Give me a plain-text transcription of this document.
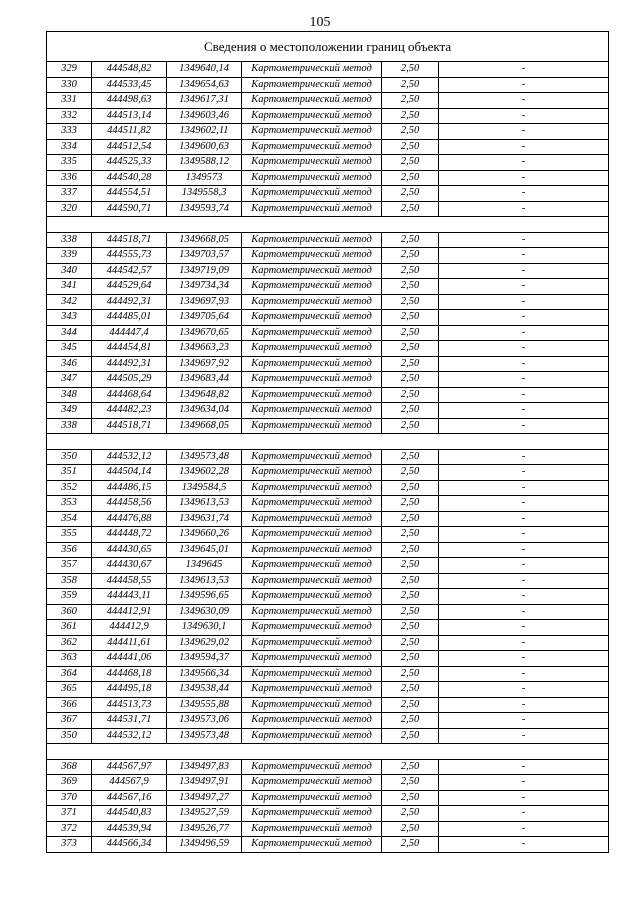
105
Сведения о местоположении границ объекта					
329	444548,82	1349640,14	Картометрический метод	2,50	-
330	444533,45	1349654,63	Картометрический метод	2,50	-
331	444498,63	1349617,31	Картометрический метод	2,50	-
332	444513,14	1349603,46	Картометрический метод	2,50	-
333	444511,82	1349602,11	Картометрический метод	2,50	-
334	444512,54	1349600,63	Картометрический метод	2,50	-
335	444525,33	1349588,12	Картометрический метод	2,50	-
336	444540,28	1349573	Картометрический метод	2,50	-
337	444554,51	1349558,3	Картометрический метод	2,50	-
320	444590,71	1349593,74	Картометрический метод	2,50	-

338	444518,71	1349668,05	Картометрический метод	2,50	-
339	444555,73	1349703,57	Картометрический метод	2,50	-
340	444542,57	1349719,09	Картометрический метод	2,50	-
341	444529,64	1349734,34	Картометрический метод	2,50	-
342	444492,31	1349697,93	Картометрический метод	2,50	-
343	444485,01	1349705,64	Картометрический метод	2,50	-
344	444447,4	1349670,65	Картометрический метод	2,50	-
345	444454,81	1349663,23	Картометрический метод	2,50	-
346	444492,31	1349697,92	Картометрический метод	2,50	-
347	444505,29	1349683,44	Картометрический метод	2,50	-
348	444468,64	1349648,82	Картометрический метод	2,50	-
349	444482,23	1349634,04	Картометрический метод	2,50	-
338	444518,71	1349668,05	Картометрический метод	2,50	-

350	444532,12	1349573,48	Картометрический метод	2,50	-
351	444504,14	1349602,28	Картометрический метод	2,50	-
352	444486,15	1349584,5	Картометрический метод	2,50	-
353	444458,56	1349613,53	Картометрический метод	2,50	-
354	444476,88	1349631,74	Картометрический метод	2,50	-
355	444448,72	1349660,26	Картометрический метод	2,50	-
356	444430,65	1349645,01	Картометрический метод	2,50	-
357	444430,67	1349645	Картометрический метод	2,50	-
358	444458,55	1349613,53	Картометрический метод	2,50	-
359	444443,11	1349596,65	Картометрический метод	2,50	-
360	444412,91	1349630,09	Картометрический метод	2,50	-
361	444412,9	1349630,1	Картометрический метод	2,50	-
362	444411,61	1349629,02	Картометрический метод	2,50	-
363	444441,06	1349594,37	Картометрический метод	2,50	-
364	444468,18	1349566,34	Картометрический метод	2,50	-
365	444495,18	1349538,44	Картометрический метод	2,50	-
366	444513,73	1349555,88	Картометрический метод	2,50	-
367	444531,71	1349573,06	Картометрический метод	2,50	-
350	444532,12	1349573,48	Картометрический метод	2,50	-

368	444567,97	1349497,83	Картометрический метод	2,50	-
369	444567,9	1349497,91	Картометрический метод	2,50	-
370	444567,16	1349497,27	Картометрический метод	2,50	-
371	444540,83	1349527,59	Картометрический метод	2,50	-
372	444539,94	1349526,77	Картометрический метод	2,50	-
373	444566,34	1349496,59	Картометрический метод	2,50	-
